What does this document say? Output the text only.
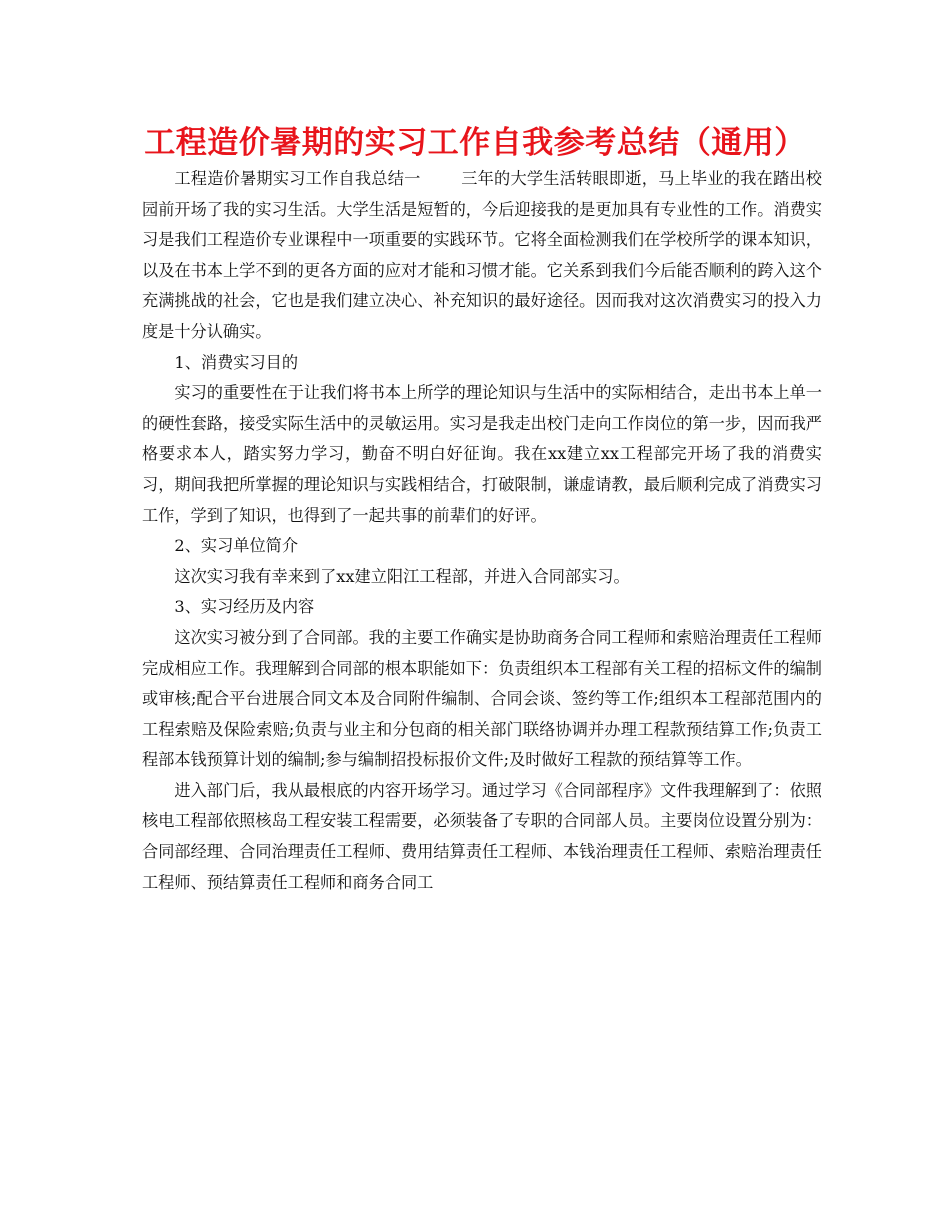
工程造价暑期的实习工作自我参考总结（通用）

工程造价暑期实习工作自我总结一	三年的大学生活转眼即逝，马上毕业的我在踏出校园前开场了我的实习生活。大学生活是短暂的，今后迎接我的是更加具有专业性的工作。消费实习是我们工程造价专业课程中一项重要的实践环节。它将全面检测我们在学校所学的课本知识，以及在书本上学不到的更各方面的应对才能和习惯才能。它关系到我们今后能否顺利的跨入这个充满挑战的社会，它也是我们建立决心、补充知识的最好途径。因而我对这次消费实习的投入力度是十分认确实。

1、消费实习目的

实习的重要性在于让我们将书本上所学的理论知识与生活中的实际相结合，走出书本上单一的硬性套路，接受实际生活中的灵敏运用。实习是我走出校门走向工作岗位的第一步，因而我严格要求本人，踏实努力学习，勤奋不明白好征询。我在xx建立xx工程部完开场了我的消费实习，期间我把所掌握的理论知识与实践相结合，打破限制，谦虚请教，最后顺利完成了消费实习工作，学到了知识，也得到了一起共事的前辈们的好评。

2、实习单位简介

这次实习我有幸来到了xx建立阳江工程部，并进入合同部实习。

3、实习经历及内容

这次实习被分到了合同部。我的主要工作确实是协助商务合同工程师和索赔治理责任工程师完成相应工作。我理解到合同部的根本职能如下：负责组织本工程部有关工程的招标文件的编制或审核;配合平台进展合同文本及合同附件编制、合同会谈、签约等工作;组织本工程部范围内的工程索赔及保险索赔;负责与业主和分包商的相关部门联络协调并办理工程款预结算工作;负责工程部本钱预算计划的编制;参与编制招投标报价文件;及时做好工程款的预结算等工作。

进入部门后，我从最根底的内容开场学习。通过学习《合同部程序》文件我理解到了：依照核电工程部依照核岛工程安装工程需要，必须装备了专职的合同部人员。主要岗位设置分别为：合同部经理、合同治理责任工程师、费用结算责任工程师、本钱治理责任工程师、索赔治理责任工程师、预结算责任工程师和商务合同工
